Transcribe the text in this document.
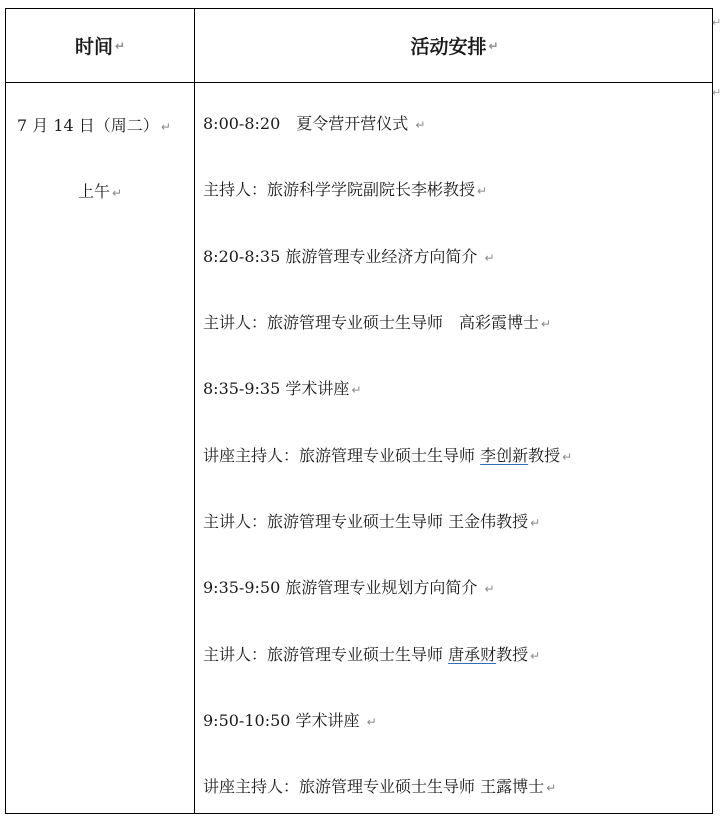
时间 ↵	活动安排 ↵
7 月 14 日（周二） ↵
上午 ↵
8:00-8:20　夏令营开营仪式 ↵
主持人：旅游科学学院副院长李彬教授 ↵
8:20-8:35 旅游管理专业经济方向简介 ↵
主讲人：旅游管理专业硕士生导师　高彩霞博士 ↵
8:35-9:35 学术讲座 ↵
讲座主持人：旅游管理专业硕士生导师 李创新教授 ↵
主讲人：旅游管理专业硕士生导师 王金伟教授 ↵
9:35-9:50 旅游管理专业规划方向简介 ↵
主讲人：旅游管理专业硕士生导师 唐承财教授 ↵
9:50-10:50 学术讲座 ↵
讲座主持人：旅游管理专业硕士生导师 王露博士 ↵
↵
↵
